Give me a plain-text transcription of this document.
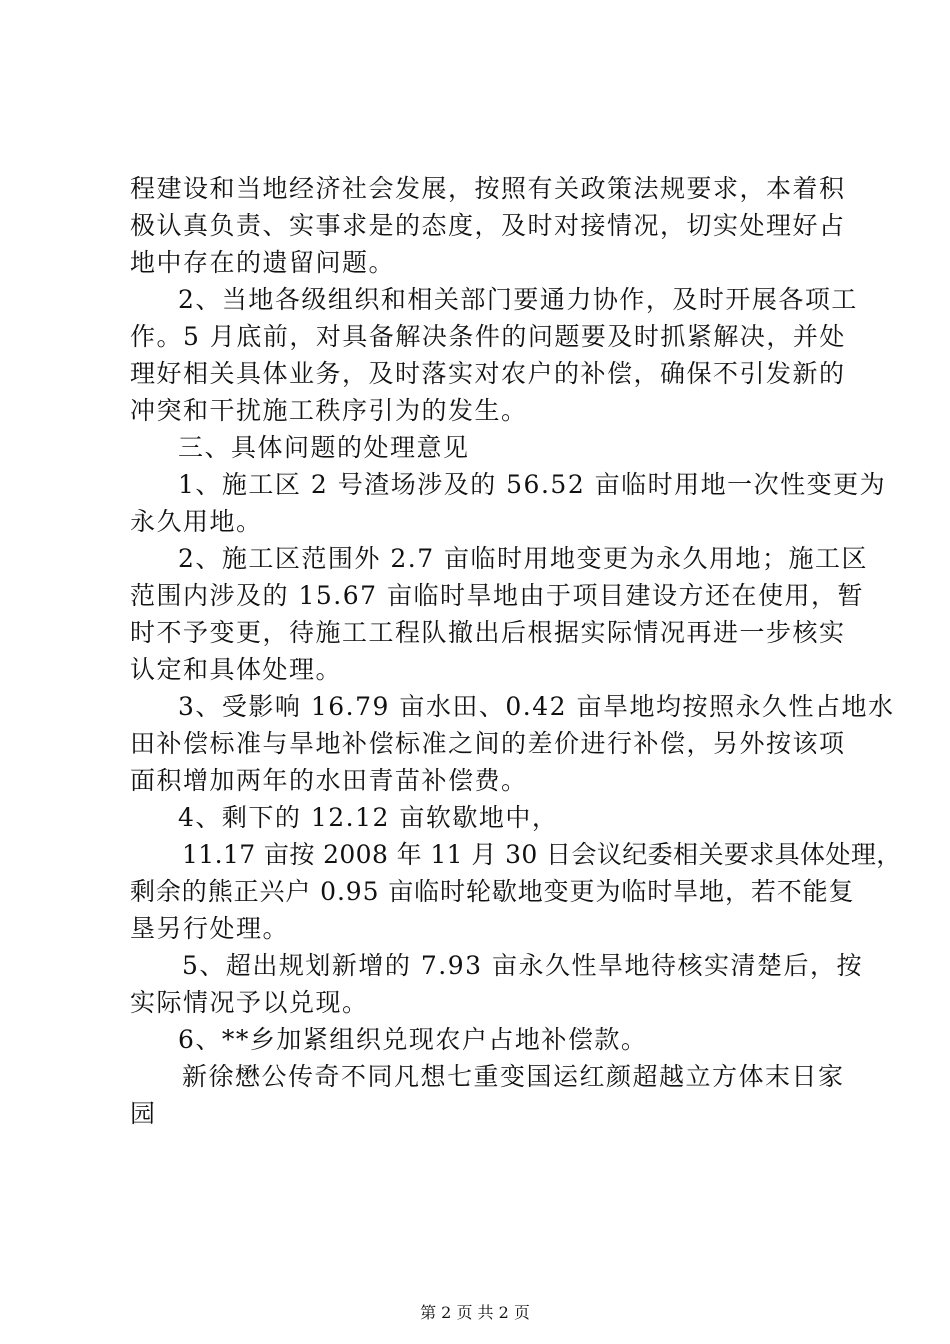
程建设和当地经济社会发展，按照有关政策法规要求，本着积
极认真负责、实事求是的态度，及时对接情况，切实处理好占
地中存在的遗留问题。
2、当地各级组织和相关部门要通力协作，及时开展各项工
作。5 月底前，对具备解决条件的问题要及时抓紧解决，并处
理好相关具体业务，及时落实对农户的补偿，确保不引发新的
冲突和干扰施工秩序引为的发生。
三、具体问题的处理意见
1、施工区 2 号渣场涉及的 56.52 亩临时用地一次性变更为
永久用地。
2、施工区范围外 2.7 亩临时用地变更为永久用地；施工区
范围内涉及的 15.67 亩临时旱地由于项目建设方还在使用，暂
时不予变更，待施工工程队撤出后根据实际情况再进一步核实
认定和具体处理。
3、受影响 16.79 亩水田、0.42 亩旱地均按照永久性占地水
田补偿标准与旱地补偿标准之间的差价进行补偿，另外按该项
面积增加两年的水田青苗补偿费。
4、剩下的 12.12 亩软歇地中，
11.17 亩按 2008 年 11 月 30 日会议纪委相关要求具体处理，
剩余的熊正兴户 0.95 亩临时轮歇地变更为临时旱地，若不能复
垦另行处理。
5、超出规划新增的 7.93 亩永久性旱地待核实清楚后，按
实际情况予以兑现。
6、**乡加紧组织兑现农户占地补偿款。
新徐懋公传奇不同凡想七重变国运红颜超越立方体末日家
园
第 2 页 共 2 页
